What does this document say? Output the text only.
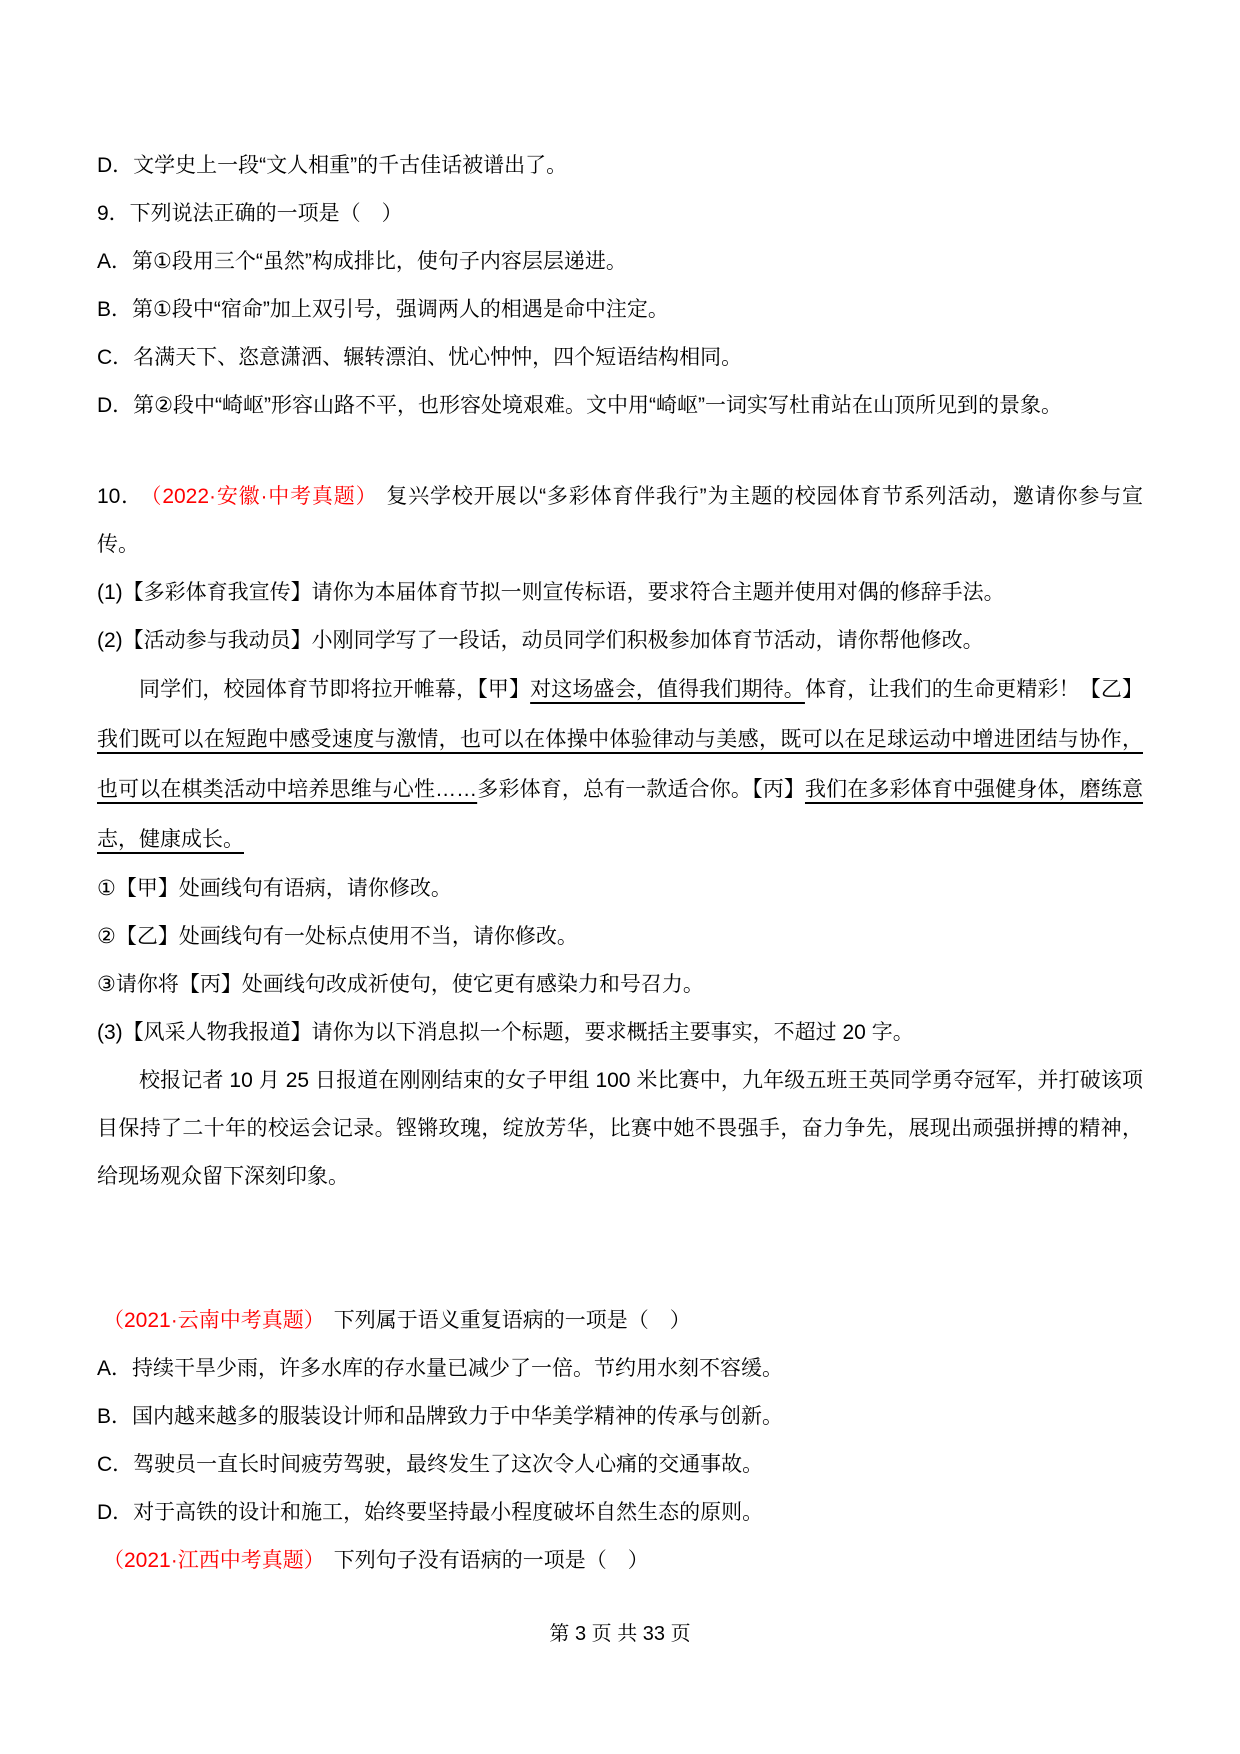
D．文学史上一段“文人相重”的千古佳话被谱出了。
9．下列说法正确的一项是（　）
A．第①段用三个“虽然”构成排比，使句子内容层层递进。
B．第①段中“宿命”加上双引号，强调两人的相遇是命中注定。
C．名满天下、恣意潇洒、辗转漂泊、忧心忡忡，四个短语结构相同。
D．第②段中“崎岖”形容山路不平，也形容处境艰难。文中用“崎岖”一词实写杜甫站在山顶所见到的景象。

10． （2022·安徽·中考真题） 复兴学校开展以“多彩体育伴我行”为主题的校园体育节系列活动，邀请你参与宣传。

(1)【多彩体育我宣传】请你为本届体育节拟一则宣传标语，要求符合主题并使用对偶的修辞手法。
(2)【活动参与我动员】小刚同学写了一段话，动员同学们积极参加体育节活动，请你帮他修改。

同学们，校园体育节即将拉开帷幕，【甲】对这场盛会，值得我们期待。体育，让我们的生命更精彩！【乙】我们既可以在短跑中感受速度与激情，也可以在体操中体验律动与美感，既可以在足球运动中增进团结与协作，也可以在棋类活动中培养思维与心性……多彩体育，总有一款适合你。【丙】我们在多彩体育中强健身体，磨练意志，健康成长。

①【甲】处画线句有语病，请你修改。
②【乙】处画线句有一处标点使用不当，请你修改。
③请你将【丙】处画线句改成祈使句，使它更有感染力和号召力。
(3)【风采人物我报道】请你为以下消息拟一个标题，要求概括主要事实，不超过 20 字。

校报记者 10 月 25 日报道在刚刚结束的女子甲组 100 米比赛中，九年级五班王英同学勇夺冠军，并打破该项目保持了二十年的校运会记录。铿锵玫瑰，绽放芳华，比赛中她不畏强手，奋力争先，展现出顽强拼搏的精神，给现场观众留下深刻印象。

（2021·云南中考真题） 下列属于语义重复语病的一项是（　）

A．持续干旱少雨，许多水库的存水量已减少了一倍。节约用水刻不容缓。
B．国内越来越多的服装设计师和品牌致力于中华美学精神的传承与创新。
C．驾驶员一直长时间疲劳驾驶，最终发生了这次令人心痛的交通事故。
D．对于高铁的设计和施工，始终要坚持最小程度破坏自然生态的原则。

（2021·江西中考真题） 下列句子没有语病的一项是（　）

第 3 页 共 33 页
